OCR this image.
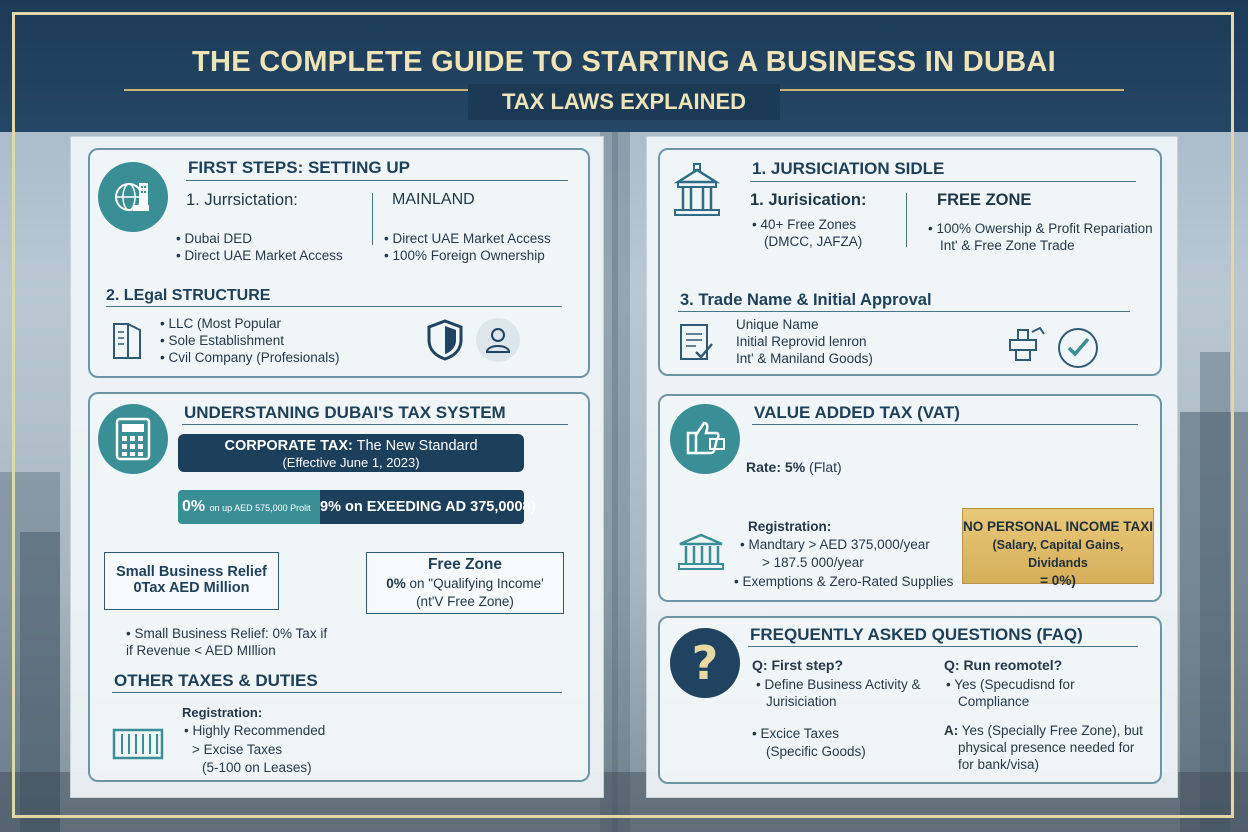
THE COMPLETE GUIDE TO STARTING A BUSINESS IN DUBAI
TAX LAWS EXPLAINED
FIRST STEPS: SETTING UP
1. Jurrsictation:	MAINLAND
• Dubai DED
• Direct UAE Market Access
• Direct UAE Market Access
• 100% Foreign Ownership
2. LEgal STRUCTURE
• LLC (Most Popular
• Sole Establishment
• Cvil Company (Profesionals)
UNDERSTANING DUBAI'S TAX SYSTEM
CORPORATE TAX: The New Standard
(Effective June 1, 2023)
0% on up AED 575,000 Prolit 9% on EXEEDING AD 375,0008)
Small Business Relief
0Tax AED Million
Free Zone
0% on "Qualifying Income'
(nt'V Free Zone)
• Small Business Relief: 0% Tax if
if Revenue < AED MIllion
OTHER TAXES & DUTIES
Registration:
• Highly Recommended
> Excise Taxes
(5-100 on Leases)
1. JURSICIATION SIDLE
1. Jurisication:	FREE ZONE
• 40+ Free Zones
(DMCC, JAFZA)
• 100% Owership & Profit Repariation
Int' & Free Zone Trade
3. Trade Name & Initial Approval
Unique Name
Initial Reprovid lenron
Int' & Maniland Goods)
VALUE ADDED TAX (VAT)
Rate: 5% (Flat)
Registration:
• Mandtary > AED 375,000/year
> 187.5 000/year
• Exemptions & Zero-Rated Supplies
NO PERSONAL INCOME TAXI
(Salary, Capital Gains, Dividands
= 0%)
?
FREQUENTLY ASKED QUESTIONS (FAQ)
Q: First step?
• Define Business Activity &
Jurisiciation
• Excice Taxes
(Specific Goods)
Q: Run reomotel?
• Yes (Specudisnd for
Compliance
A: Yes (Specially Free Zone), but
physical presence needed for
for bank/visa)
